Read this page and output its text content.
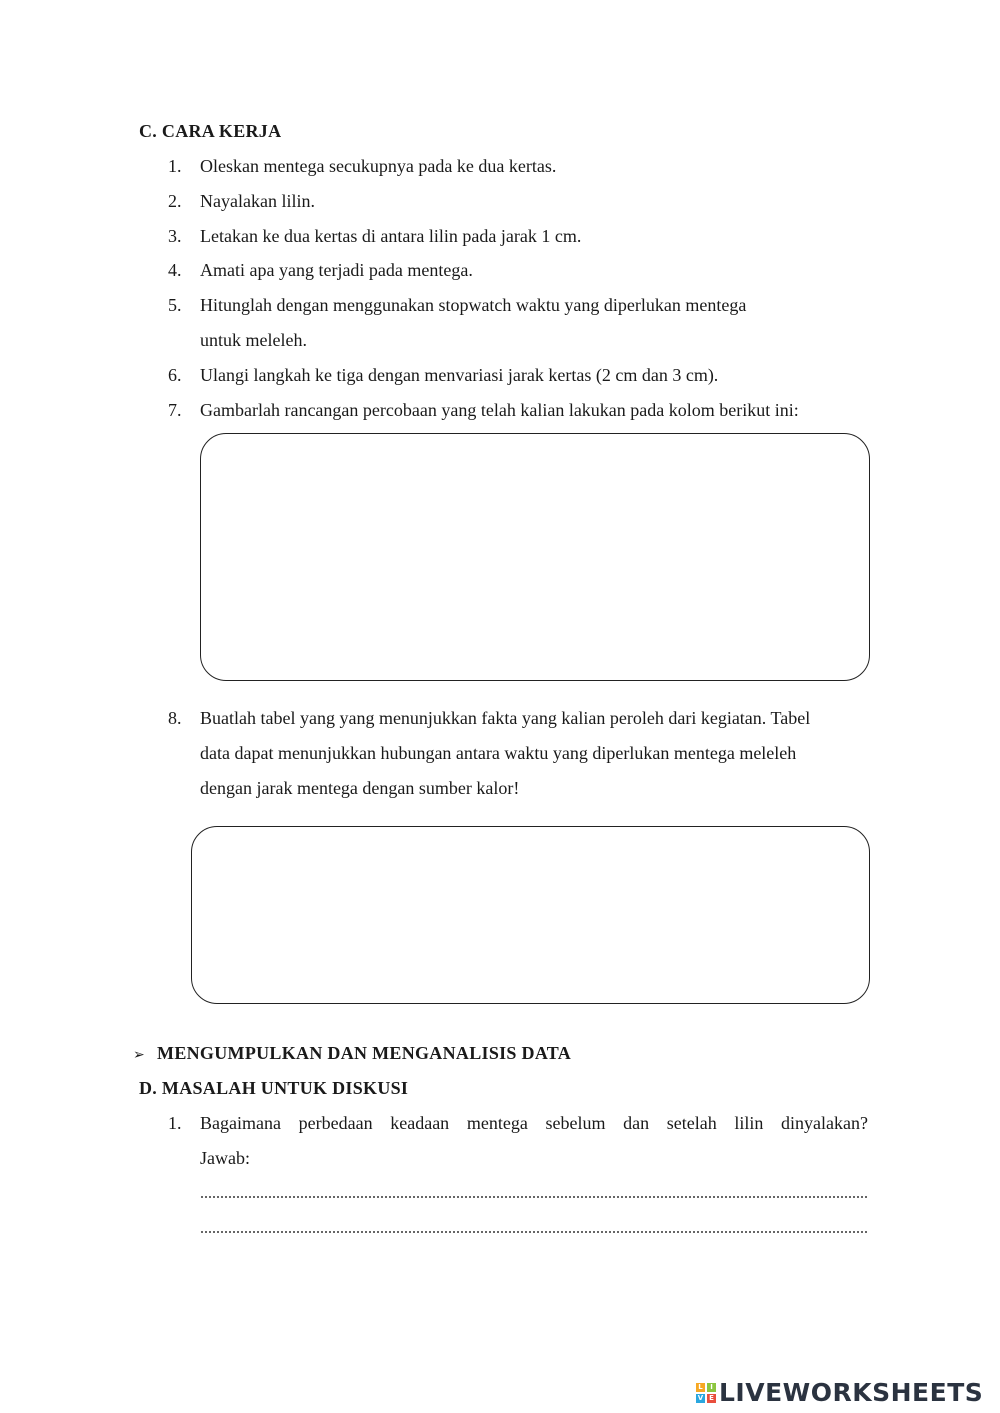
C. CARA KERJA
1. Oleskan mentega secukupnya pada ke dua kertas.
2. Nayalakan lilin.
3. Letakan ke dua kertas di antara lilin pada jarak 1 cm.
4. Amati apa yang terjadi pada mentega.
5. Hitunglah dengan menggunakan stopwatch waktu yang diperlukan mentega
untuk meleleh.
6. Ulangi langkah ke tiga dengan menvariasi jarak kertas (2 cm dan 3 cm).
7. Gambarlah rancangan percobaan yang telah kalian lakukan pada kolom berikut ini:
8. Buatlah tabel yang yang menunjukkan fakta yang kalian peroleh dari kegiatan. Tabel
data dapat menunjukkan hubungan antara waktu yang diperlukan mentega meleleh
dengan jarak mentega dengan sumber kalor!
➢ MENGUMPULKAN DAN MENGANALISIS DATA
D. MASALAH UNTUK DISKUSI
1. Bagaimana perbedaan keadaan mentega sebelum dan setelah lilin dinyalakan?
Jawab:
L	I
V E LIVEWORKSHEETS
